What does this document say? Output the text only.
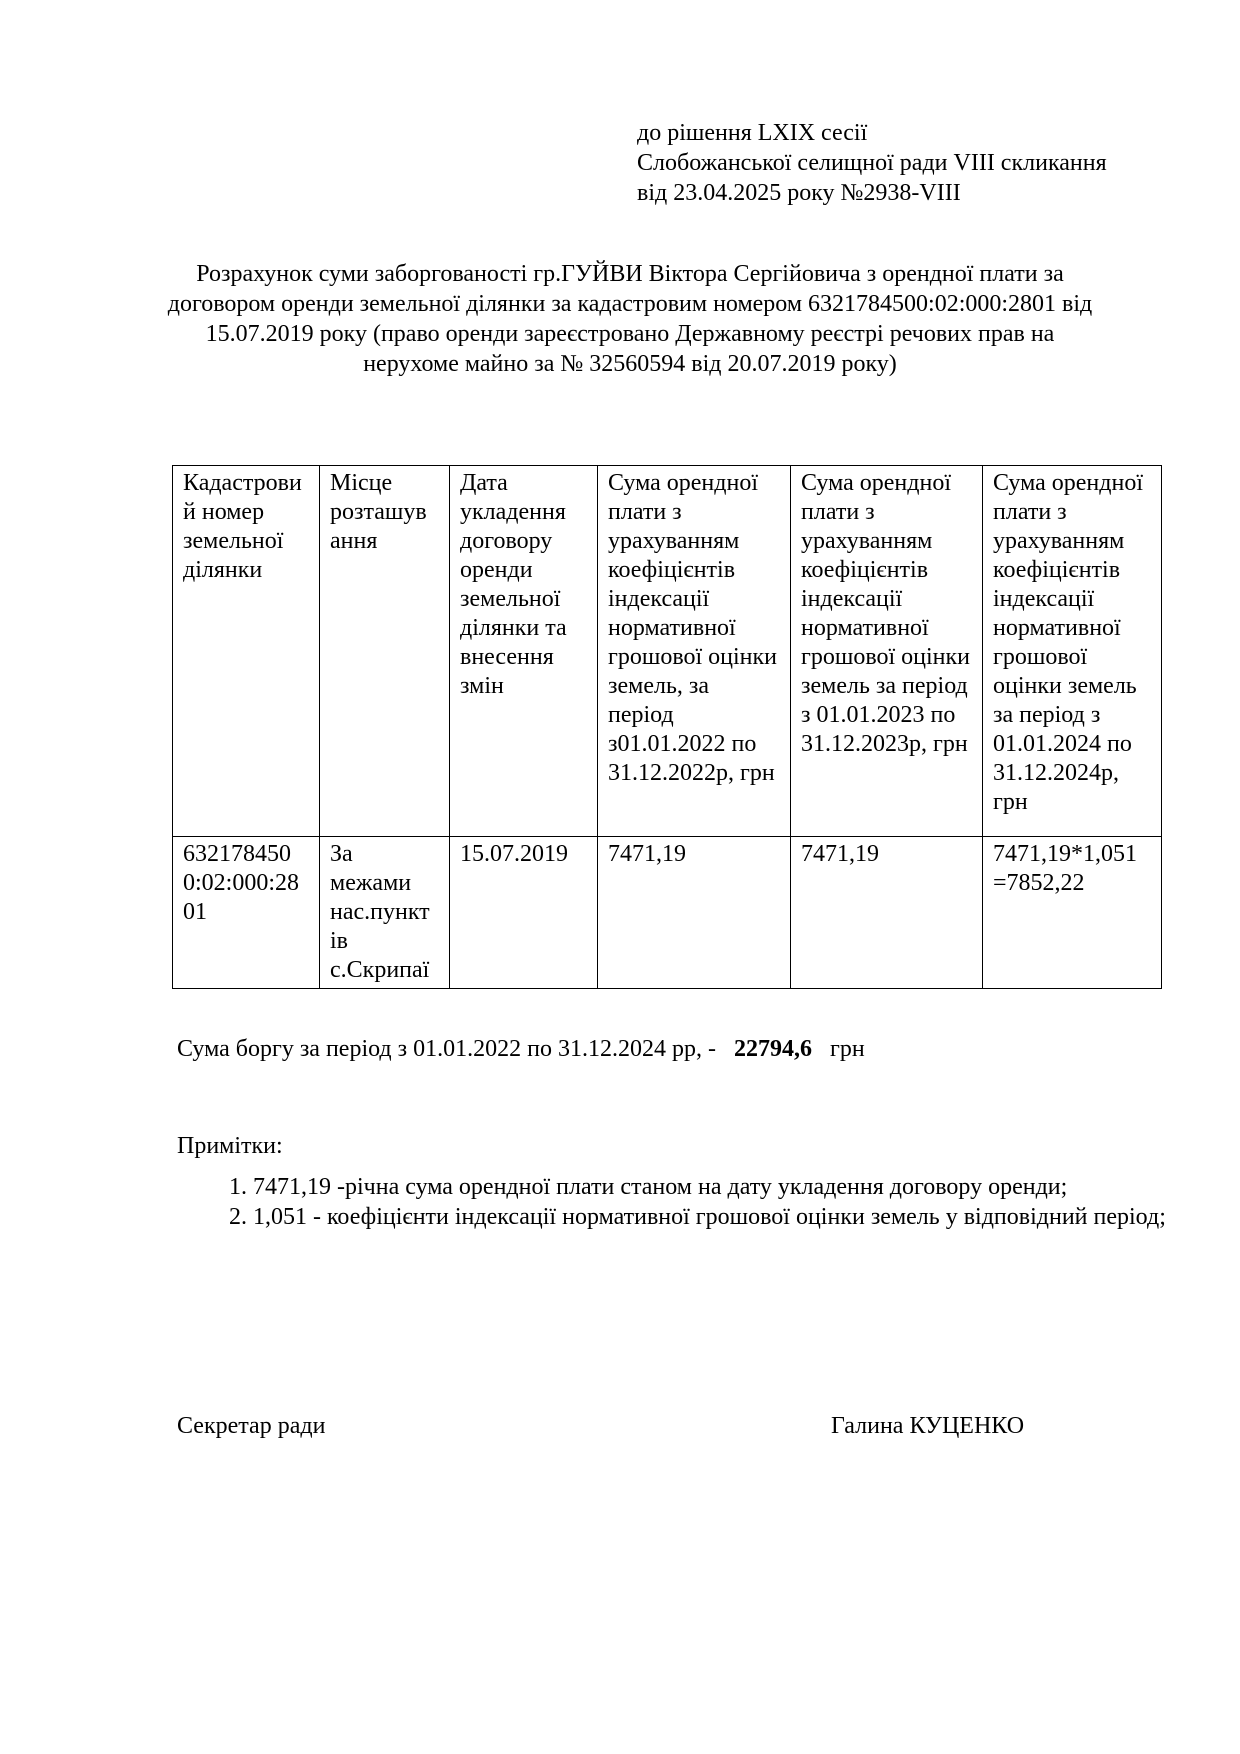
до рішення LXIX сесії
Слобожанської селищної ради VIII скликання
від 23.04.2025 року №2938-VIII
Розрахунок суми заборгованості гр.ГУЙВИ Віктора Сергійовича з орендної плати за
договором оренди земельної ділянки за кадастровим номером 6321784500:02:000:2801 від
15.07.2019 року (право оренди зареєстровано Державному реєстрі речових прав на
нерухоме майно за № 32560594 від 20.07.2019 року)
Кадастрови й номер земельної ділянки	Місце розташув ання	Дата укладення договору оренди земельної ділянки та внесення змін	Сума орендної плати з урахуванням коефіцієнтів індексації нормативної грошової оцінки земель, за період з01.01.2022 по 31.12.2022р, грн	Сума орендної плати з урахуванням коефіцієнтів індексації нормативної грошової оцінки земель за період з 01.01.2023 по 31.12.2023р, грн	Сума орендної плати з урахуванням коефіцієнтів індексації нормативної грошової оцінки земель за період з 01.01.2024 по 31.12.2024р, грн
6321784500:02:000:2801	За межами нас.пункт ів с.Скрипаї	15.07.2019	7471,19	7471,19	7471,19*1,051 =7852,22
Сума боргу за період з 01.01.2022 по 31.12.2024 рр, - 22794,6 грн
Примітки:
1. 7471,19 -річна сума орендної плати станом на дату укладення договору оренди;
2. 1,051 - коефіцієнти індексації нормативної грошової оцінки земель у відповідний період;
Секретар ради	Галина КУЦЕНКО
